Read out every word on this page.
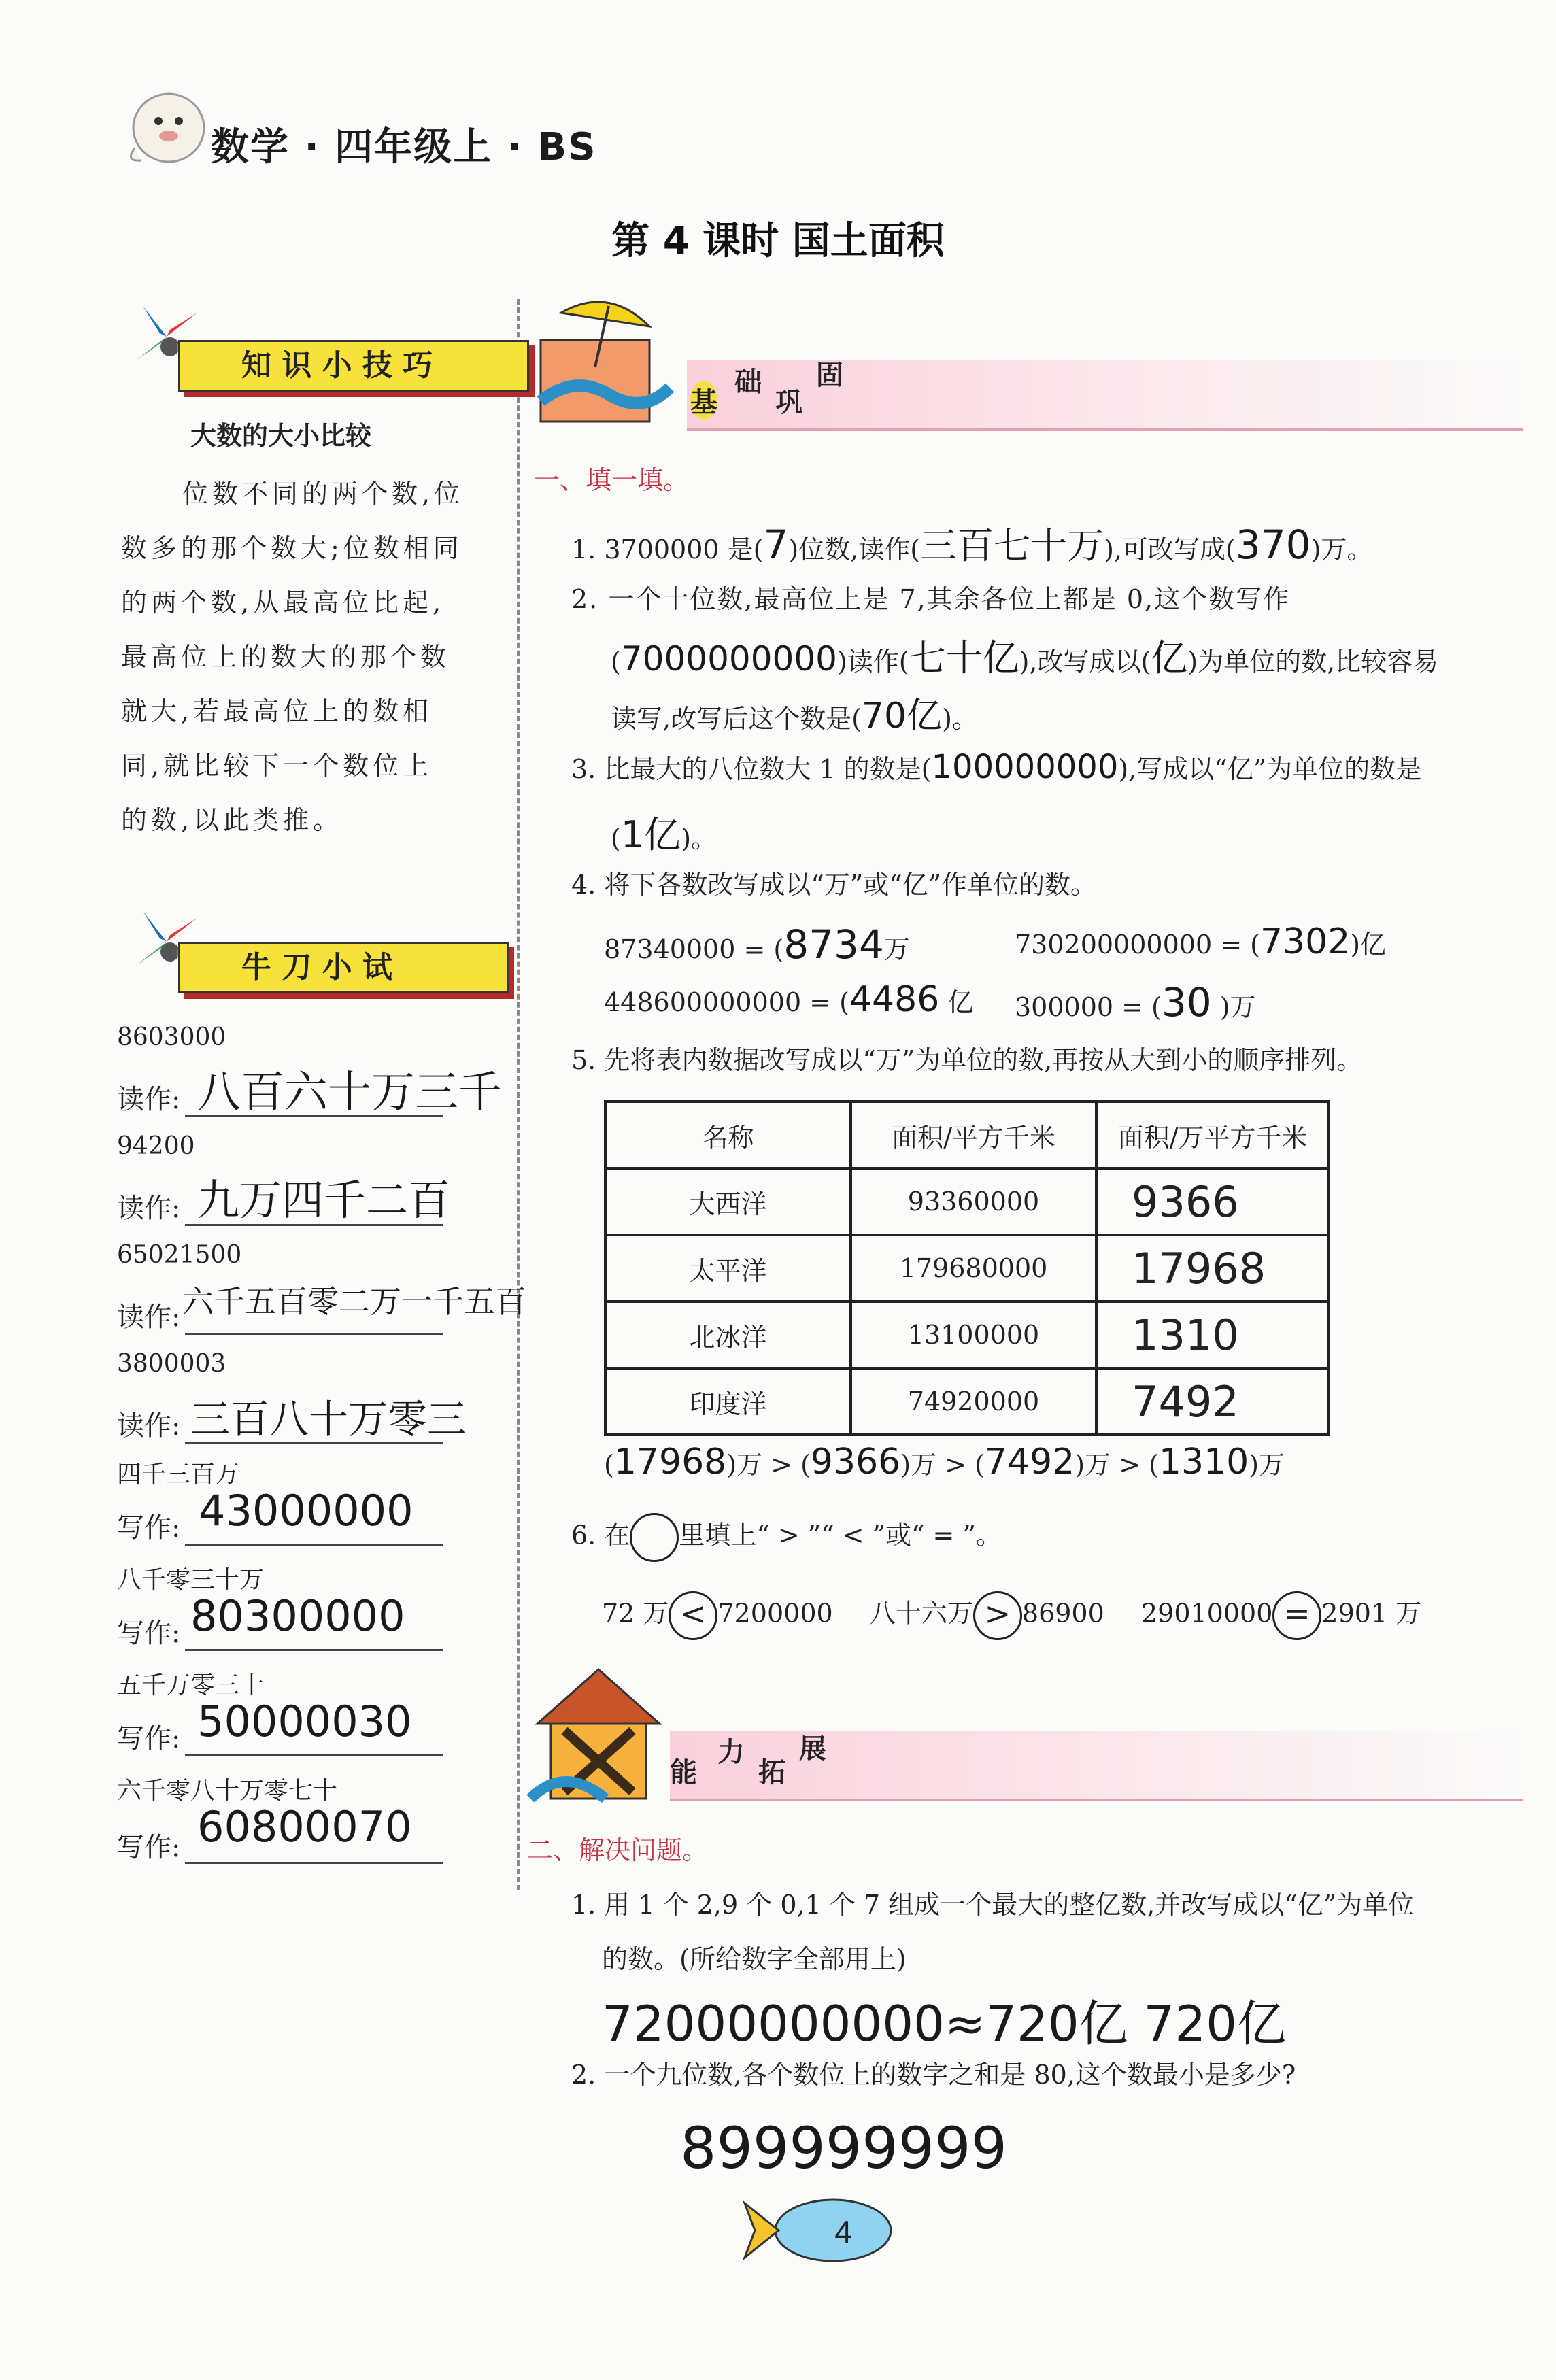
数学 · 四年级上 · BS
第 4 课时 国土面积
知 识 小 技 巧
大数的大小比较
位数不同的两个数,位
数多的那个数大;位数相同
的两个数,从最高位比起,
最高位上的数大的那个数
就大,若最高位上的数相
同,就比较下一个数位上
的数,以此类推。
牛 刀 小 试
8603000
读作: 八百六十万三千
94200
读作: 九万四千二百
65021500
读作: 六千五百零二万一千五百
3800003
读作: 三百八十万零三
四千三百万
写作: 43000000
八千零三十万
写作: 80300000
五千万零三十
写作: 50000030
六千零八十万零七十
写作: 60800070
基
础
巩
固
一、填一填。
1. 3700000 是(7)位数,读作(三百七十万),可改写成(370)万。
2. 一个十位数,最高位上是 7,其余各位上都是 0,这个数写作
(7000000000)读作(七十亿),改写成以(亿)为单位的数,比较容易
读写,改写后这个数是(70亿)。
3. 比最大的八位数大 1 的数是(100000000),写成以“亿”为单位的数是
(1亿)。
4. 将下各数改写成以“万”或“亿”作单位的数。
87340000 = (8734万	730200000000 = (7302)亿
448600000000 = (4486 亿 300000 = (30 )万
5. 先将表内数据改写成以“万”为单位的数,再按从大到小的顺序排列。
名称	面积/平方千米	面积/万平方千米
大西洋	93360000	9366
太平洋	179680000	17968
北冰洋	13100000	1310
印度洋	74920000	7492
(17968)万 > (9366)万 > (7492)万 > (1310)万
6. 在 里填上“ > ”“ < ”或“ = ”。
72 万 < 7200000 八十六万 > 86900 29010000 = 2901 万
能
力
拓
展
二、解决问题。
1. 用 1 个 2,9 个 0,1 个 7 组成一个最大的整亿数,并改写成以“亿”为单位
的数。(所给数字全部用上)
72000000000≈720亿 720亿
2. 一个九位数,各个数位上的数字之和是 80,这个数最小是多少?
899999999
4
